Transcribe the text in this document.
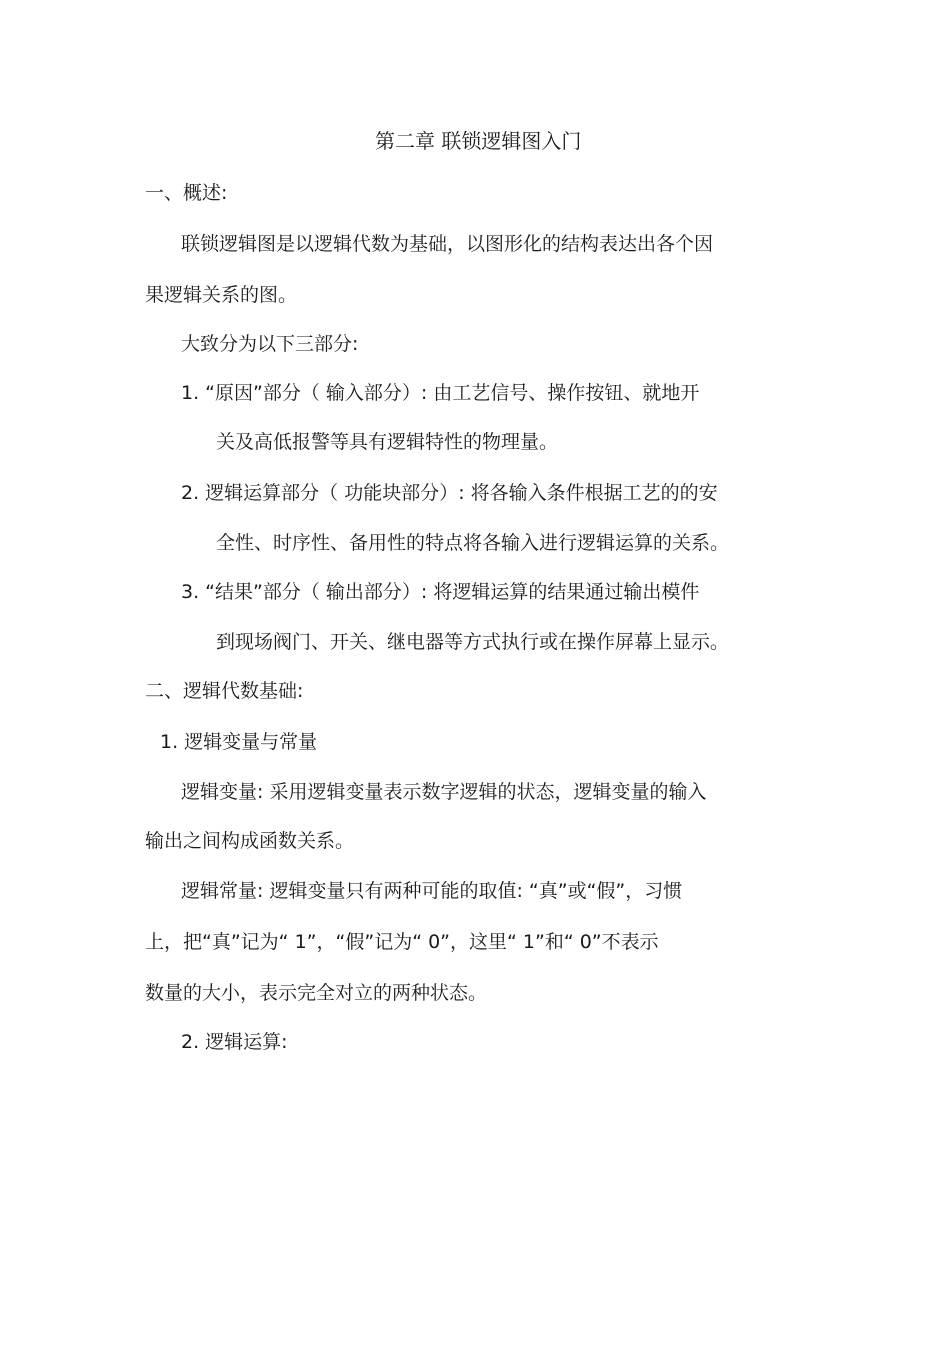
第二章 联锁逻辑图入门
一、概述:
联锁逻辑图是以逻辑代数为基础，以图形化的结构表达出各个因
果逻辑关系的图。
大致分为以下三部分:
1. “原因”部分（ 输入部分）: 由工艺信号、操作按钮、就地开
关及高低报警等具有逻辑特性的物理量。
2. 逻辑运算部分（ 功能块部分）: 将各输入条件根据工艺的的安
全性、时序性、备用性的特点将各输入进行逻辑运算的关系。
3. “结果”部分（ 输出部分）: 将逻辑运算的结果通过输出模件
到现场阀门、开关、继电器等方式执行或在操作屏幕上显示。
二、逻辑代数基础:
1. 逻辑变量与常量
逻辑变量: 采用逻辑变量表示数字逻辑的状态，逻辑变量的输入
输出之间构成函数关系。
逻辑常量: 逻辑变量只有两种可能的取值: “真”或“假”，习惯
上，把“真”记为“ 1”，“假”记为“ 0”，这里“ 1”和“ 0”不表示
数量的大小，表示完全对立的两种状态。
2. 逻辑运算:
